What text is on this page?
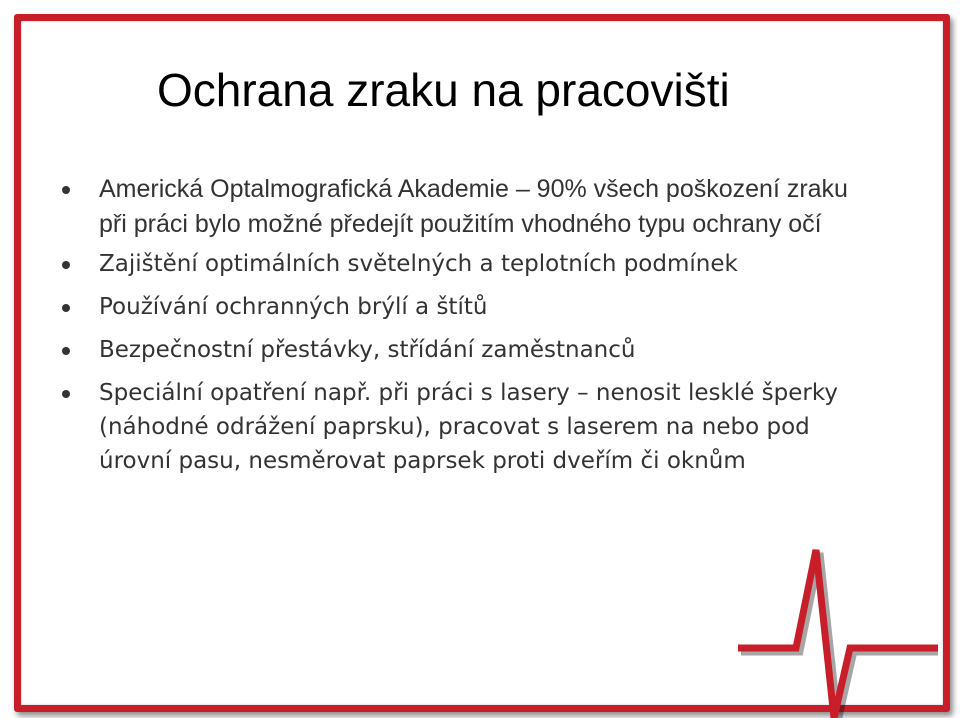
Ochrana zraku na pracovišti
Americká Optalmografická Akademie – 90% všech poškození zraku při práci bylo možné předejít použitím vhodného typu ochrany očí
Zajištění optimálních světelných a teplotních podmínek
Používání ochranných brýlí a štítů
Bezpečnostní přestávky, střídání zaměstnanců
Speciální opatření např. při práci s lasery – nenosit lesklé šperky (náhodné odrážení paprsku), pracovat s laserem na nebo pod úrovní pasu, nesměrovat paprsek proti dveřím či oknům
